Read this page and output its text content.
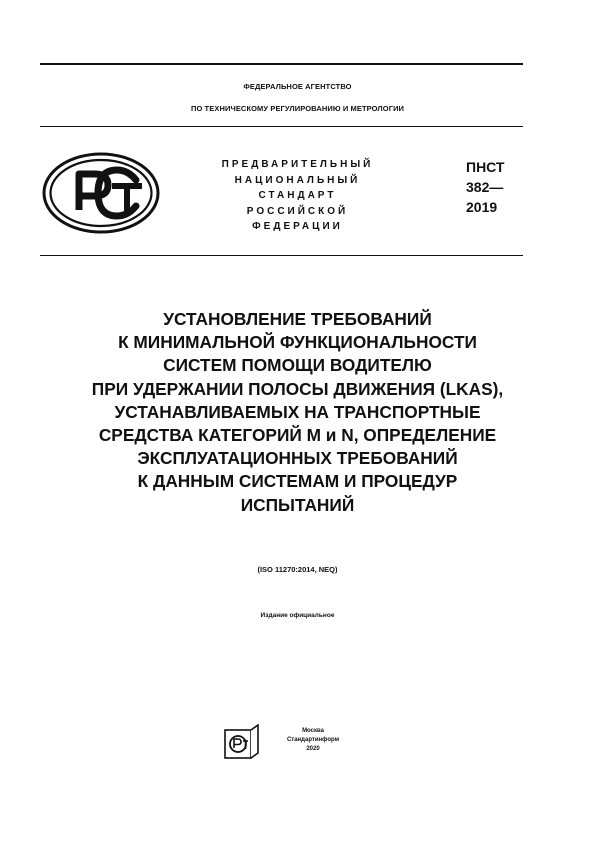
ФЕДЕРАЛЬНОЕ АГЕНТСТВО
ПО ТЕХНИЧЕСКОМУ РЕГУЛИРОВАНИЮ И МЕТРОЛОГИИ
ПРЕДВАРИТЕЛЬНЫЙ
НАЦИОНАЛЬНЫЙ
СТАНДАРТ
РОССИЙСКОЙ
ФЕДЕРАЦИИ
ПНСТ
382—
2019
УСТАНОВЛЕНИЕ ТРЕБОВАНИЙ
К МИНИМАЛЬНОЙ ФУНКЦИОНАЛЬНОСТИ
СИСТЕМ ПОМОЩИ ВОДИТЕЛЮ
ПРИ УДЕРЖАНИИ ПОЛОСЫ ДВИЖЕНИЯ (LKAS),
УСТАНАВЛИВАЕМЫХ НА ТРАНСПОРТНЫЕ
СРЕДСТВА КАТЕГОРИЙ М и N, ОПРЕДЕЛЕНИЕ
ЭКСПЛУАТАЦИОННЫХ ТРЕБОВАНИЙ
К ДАННЫМ СИСТЕМАМ И ПРОЦЕДУР
ИСПЫТАНИЙ
(ISO 11270:2014, NEQ)
Издание официальное
Москва
Стандартинформ
2020
